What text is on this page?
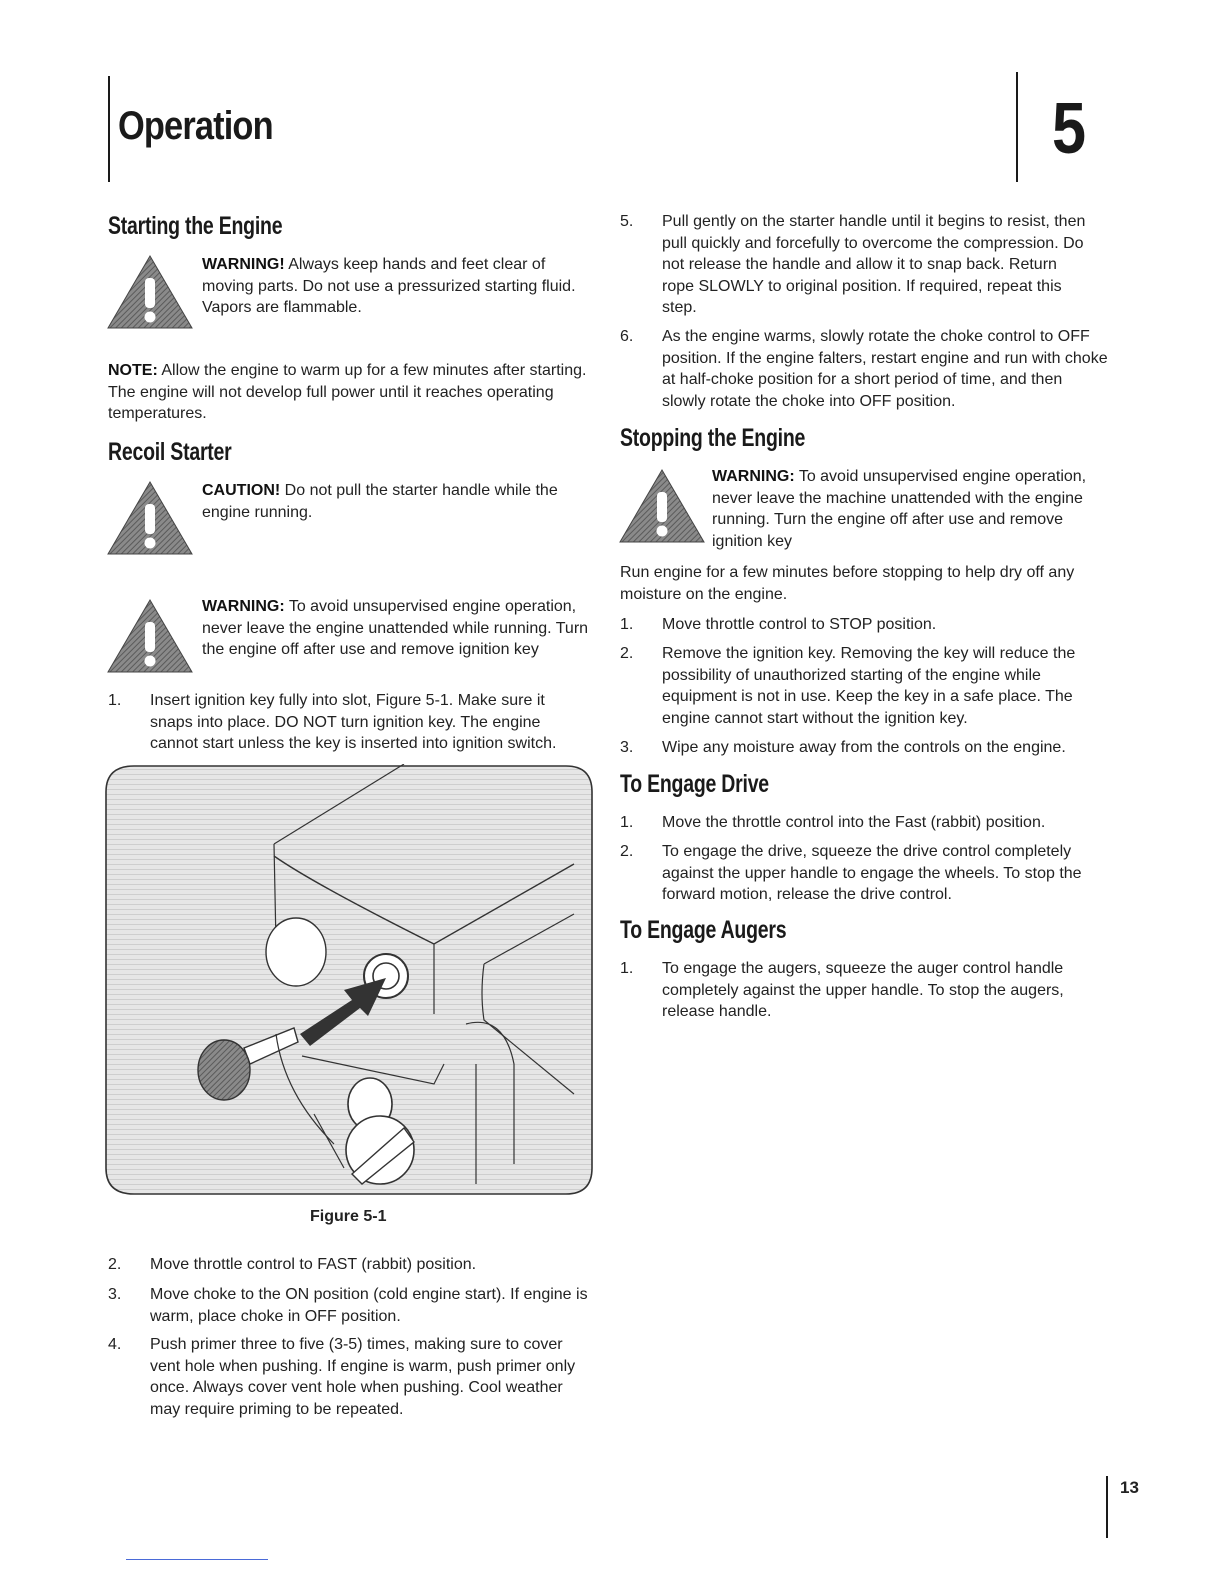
Operation	5
Starting the Engine
WARNING! Always keep hands and feet clear of moving parts. Do not use a pressurized starting fluid. Vapors are flammable.
NOTE: Allow the engine to warm up for a few minutes after starting. The engine will not develop full power until it reaches operating temperatures.
Recoil Starter
CAUTION! Do not pull the starter handle while the engine running.
WARNING: To avoid unsupervised engine operation, never leave the engine unattended while running. Turn the engine off after use and remove ignition key
1. Insert ignition key fully into slot, Figure 5-1. Make sure it snaps into place. DO NOT turn ignition key. The engine cannot start unless the key is inserted into ignition switch.
Figure 5-1
2. Move throttle control to FAST (rabbit) position.
3. Move choke to the ON position (cold engine start). If engine is warm, place choke in OFF position.
4. Push primer three to five (3-5) times, making sure to cover vent hole when pushing. If engine is warm, push primer only once. Always cover vent hole when pushing. Cool weather may require priming to be repeated.
5. Pull gently on the starter handle until it begins to resist, then pull quickly and forcefully to overcome the compression. Do not release the handle and allow it to snap back. Return rope SLOWLY to original position. If required, repeat this step.
6. As the engine warms, slowly rotate the choke control to OFF position. If the engine falters, restart engine and run with choke at half-choke position for a short period of time, and then slowly rotate the choke into OFF position.
Stopping the Engine
WARNING: To avoid unsupervised engine operation, never leave the machine unattended with the engine running. Turn the engine off after use and remove ignition key
Run engine for a few minutes before stopping to help dry off any moisture on the engine.
1. Move throttle control to STOP position.
2. Remove the ignition key. Removing the key will reduce the possibility of unauthorized starting of the engine while equipment is not in use. Keep the key in a safe place. The engine cannot start without the ignition key.
3. Wipe any moisture away from the controls on the engine.
To Engage Drive
1. Move the throttle control into the Fast (rabbit) position.
2. To engage the drive, squeeze the drive control completely against the upper handle to engage the wheels. To stop the forward motion, release the drive control.
To Engage Augers
1. To engage the augers, squeeze the auger control handle completely against the upper handle. To stop the augers, release handle.
13
